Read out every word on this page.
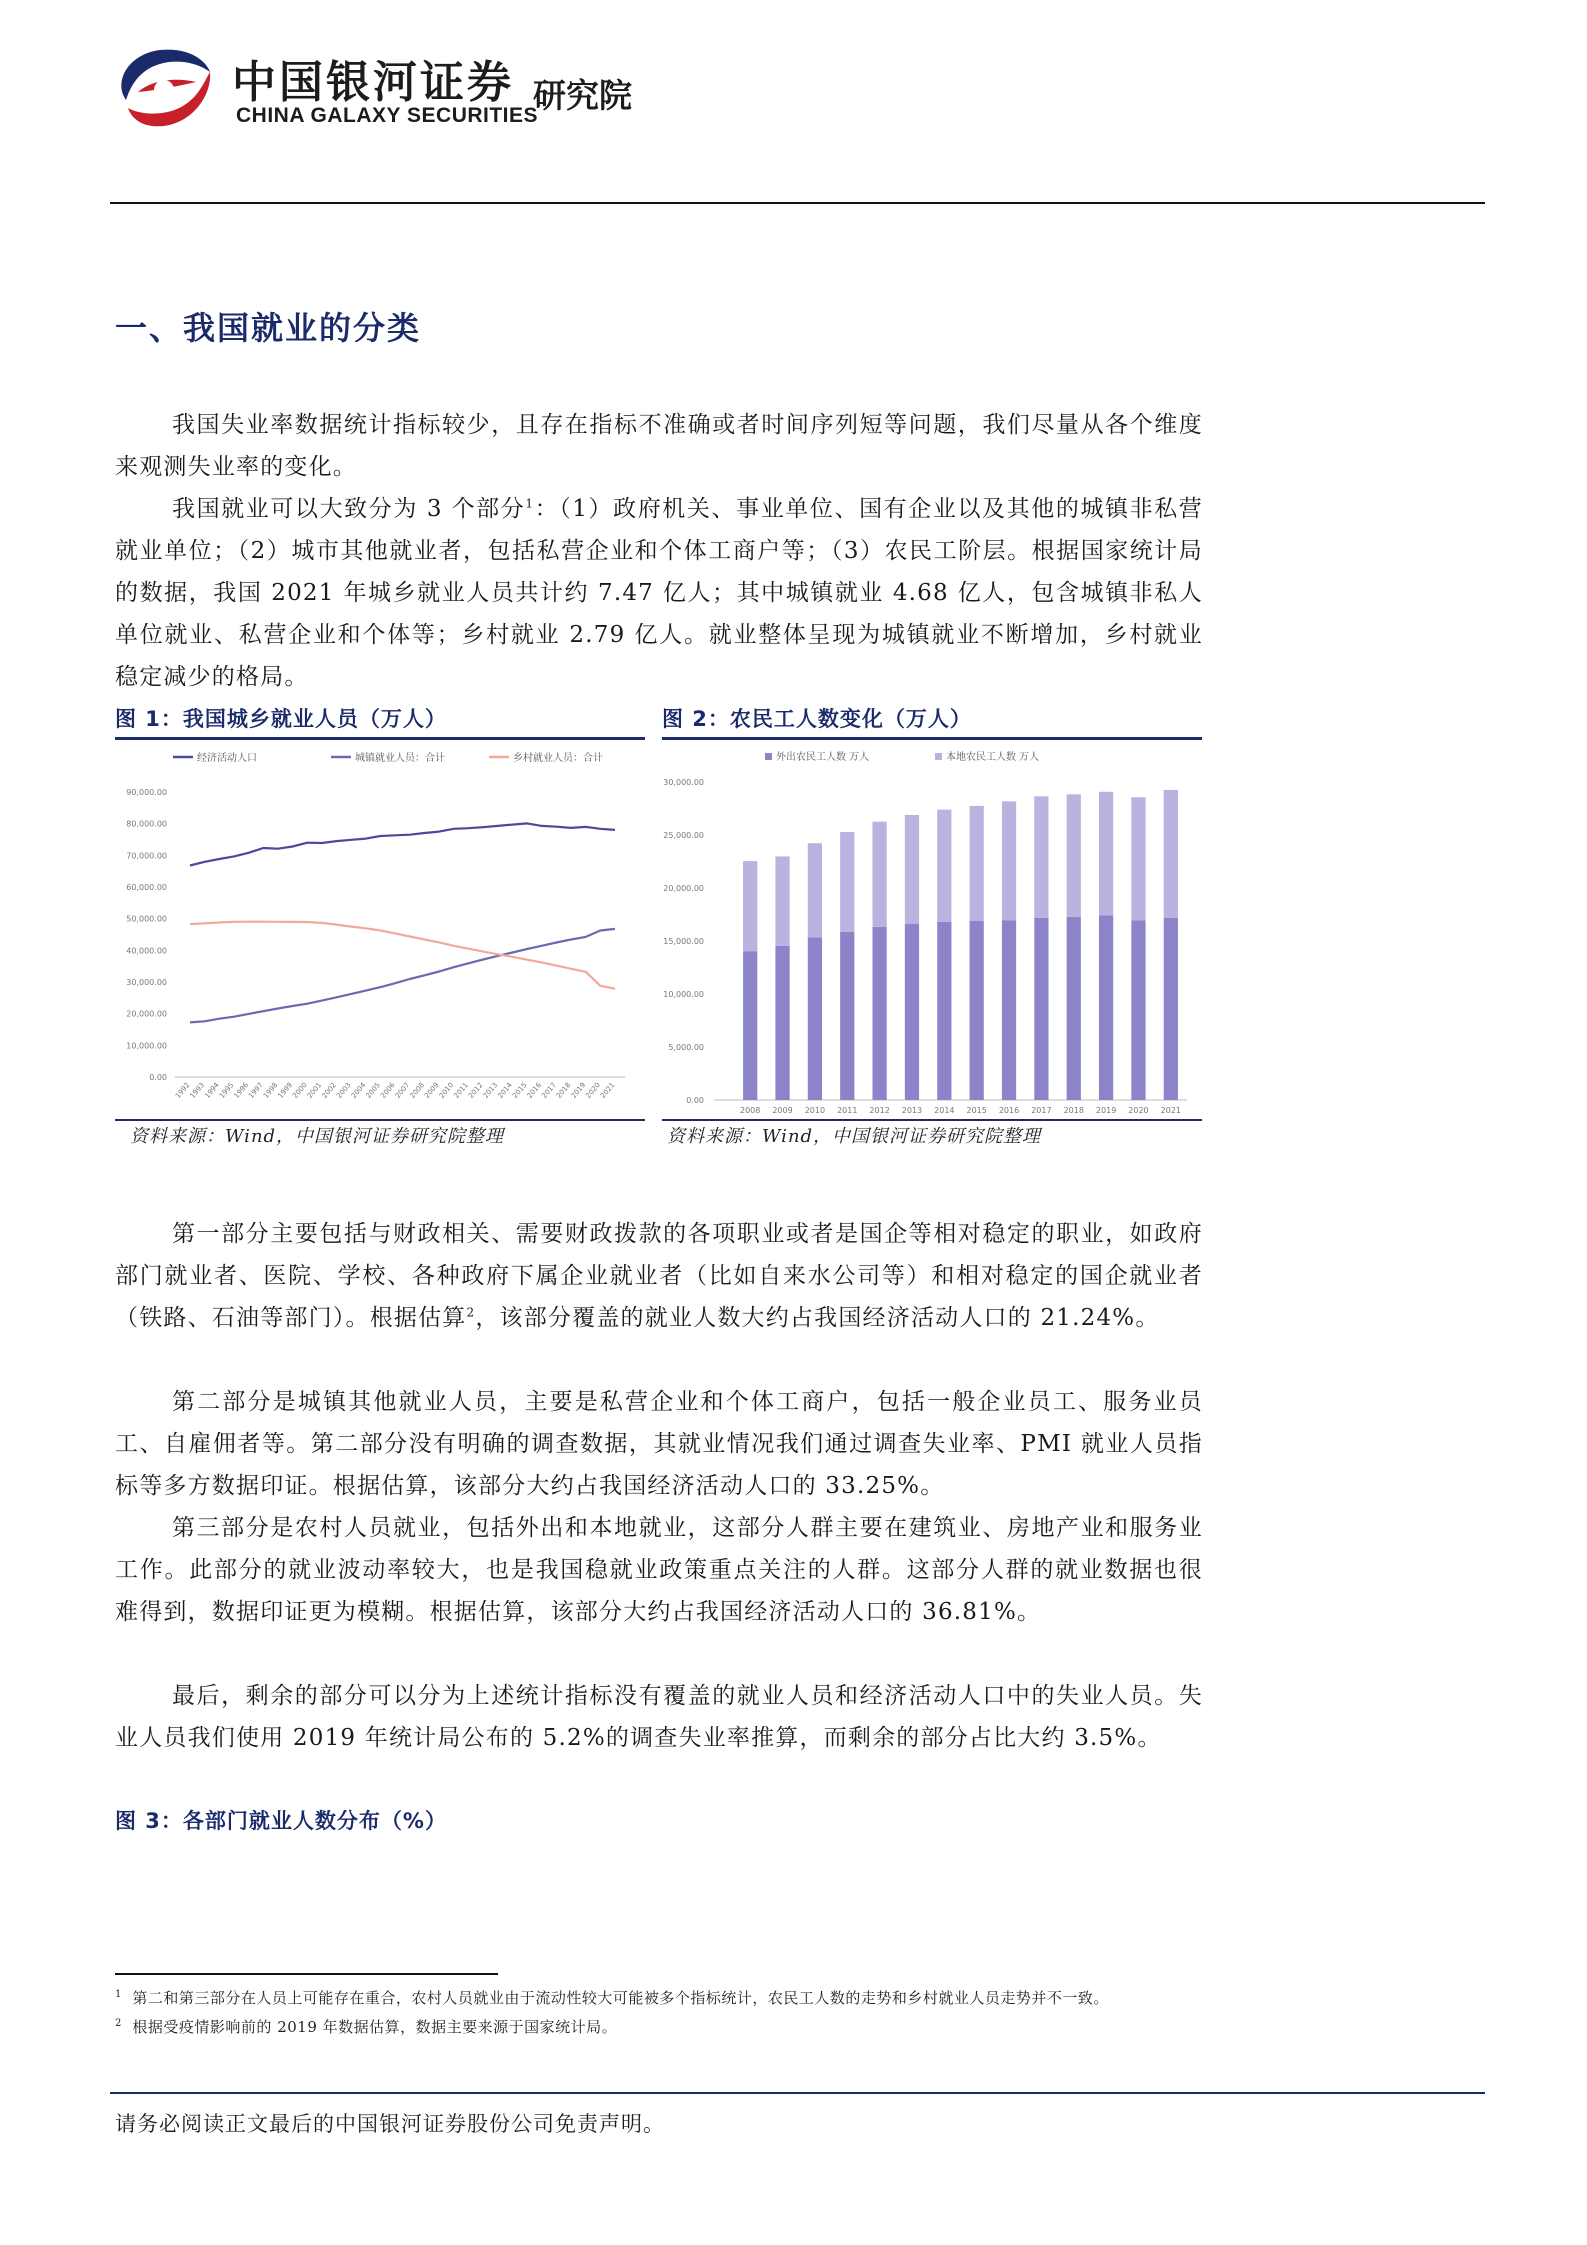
中国银河证券
CHINA GALAXY SECURITIES
研究院
一、我国就业的分类

我国失业率数据统计指标较少，且存在指标不准确或者时间序列短等问题，我们尽量从各个维度来观测失业率的变化。

我国就业可以大致分为 3 个部分$^1$：（1）政府机关、事业单位、国有企业以及其他的城镇非私营就业单位；（2）城市其他就业者，包括私营企业和个体工商户等；（3）农民工阶层。根据国家统计局的数据，我国 2021 年城乡就业人员共计约 7.47 亿人；其中城镇就业 4.68 亿人，包含城镇非私人单位就业、私营企业和个体等；乡村就业 2.79 亿人。就业整体呈现为城镇就业不断增加，乡村就业稳定减少的格局。

图 1：我国城乡就业人员（万人）
经济活动人口	城镇就业人员：合计	乡村就业人员：合计
0.00
10,000.00
20,000.00
30,000.00
40,000.00
50,000.00
60,000.00
70,000.00
80,000.00
90,000.00
1992
1993
1994
1995
1996
1997
1998
1999
2000
2001
2002
2003
2004
2005
2006
2007
2008
2009
2010
2011
2012
2013
2014
2015
2016
2017
2018
2019
2020
2021
资料来源：Wind，中国银河证券研究院整理
图 2：农民工人数变化（万人）
外出农民工人数 万人	本地农民工人数 万人
0.00
5,000.00
10,000.00
15,000.00
20,000.00
25,000.00
30,000.00
2008 2009 2010 2011 2012 2013 2014 2015 2016 2017 2018 2019 2020 2021
资料来源：Wind，中国银河证券研究院整理

第一部分主要包括与财政相关、需要财政拨款的各项职业或者是国企等相对稳定的职业，如政府部门就业者、医院、学校、各种政府下属企业就业者（比如自来水公司等）和相对稳定的国企就业者（铁路、石油等部门）。根据估算$^2$，该部分覆盖的就业人数大约占我国经济活动人口的 21.24%。

第二部分是城镇其他就业人员，主要是私营企业和个体工商户，包括一般企业员工、服务业员工、自雇佣者等。第二部分没有明确的调查数据，其就业情况我们通过调查失业率、PMI 就业人员指标等多方数据印证。根据估算，该部分大约占我国经济活动人口的 33.25%。

第三部分是农村人员就业，包括外出和本地就业，这部分人群主要在建筑业、房地产业和服务业工作。此部分的就业波动率较大，也是我国稳就业政策重点关注的人群。这部分人群的就业数据也很难得到，数据印证更为模糊。根据估算，该部分大约占我国经济活动人口的 36.81%。

最后，剩余的部分可以分为上述统计指标没有覆盖的就业人员和经济活动人口中的失业人员。失业人员我们使用 2019 年统计局公布的 5.2%的调查失业率推算，而剩余的部分占比大约 3.5%。

图 3：各部门就业人数分布（%）
$^1$ 第二和第三部分在人员上可能存在重合，农村人员就业由于流动性较大可能被多个指标统计，农民工人数的走势和乡村就业人员走势并不一致。
$^2$ 根据受疫情影响前的 2019 年数据估算，数据主要来源于国家统计局。
请务必阅读正文最后的中国银河证券股份公司免责声明。
